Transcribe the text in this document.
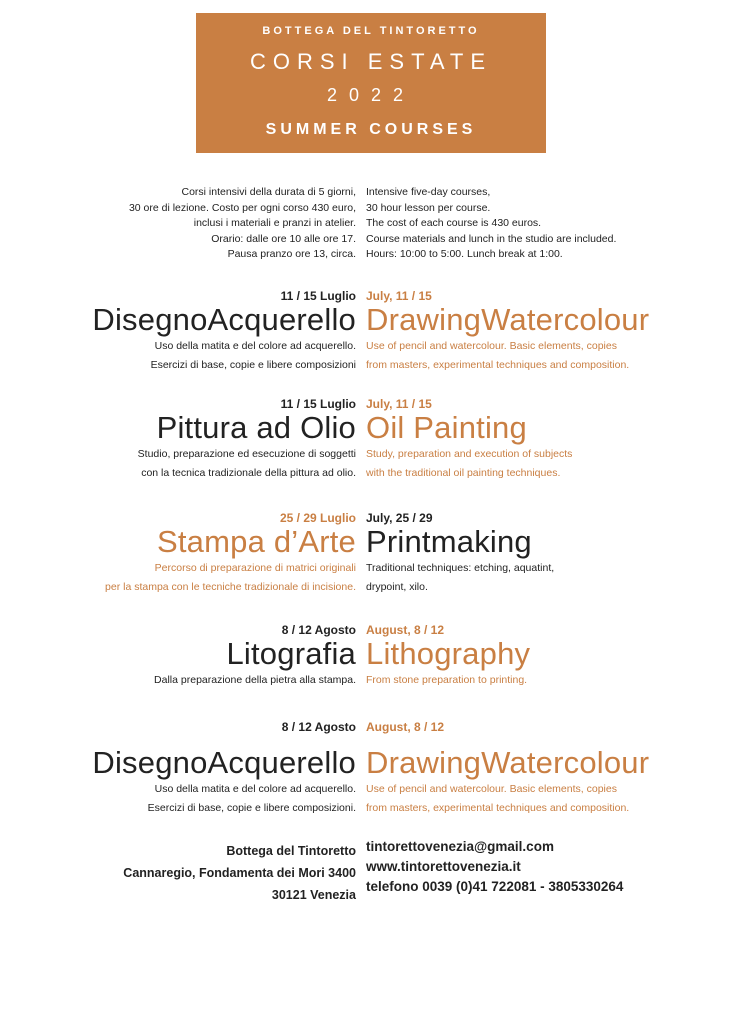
BOTTEGA DEL TINTORETTO
CORSI ESTATE
2022
SUMMER COURSES
Corsi intensivi della durata di 5 giorni,
30 ore di lezione. Costo per ogni corso 430 euro,
inclusi i materiali e pranzi in atelier.
Orario: dalle ore 10 alle ore 17.
Pausa pranzo ore 13, circa.
Intensive five-day courses,
30 hour lesson per course.
The cost of each course is 430 euros.
Course materials and lunch in the studio are included.
Hours: 10:00 to 5:00. Lunch break at 1:00.
11 / 15 Luglio
DisegnoAcquerello
Uso della matita e del colore ad acquerello.
Esercizi di base, copie e libere composizioni
July, 11 / 15
DrawingWatercolour
Use of pencil and watercolour. Basic elements, copies
from masters, experimental techniques and composition.
11 / 15 Luglio
Pittura ad Olio
Studio, preparazione ed esecuzione di soggetti
con la tecnica tradizionale della pittura ad olio.
July, 11 / 15
Oil Painting
Study, preparation and execution of subjects
with the traditional oil painting techniques.
25 / 29 Luglio
Stampa d’Arte
Percorso di preparazione di matrici originali
per la stampa con le tecniche tradizionale di incisione.
July, 25 / 29
Printmaking
Traditional techniques: etching, aquatint,
drypoint, xilo.
8 / 12 Agosto
Litografia
Dalla preparazione della pietra alla stampa.
August, 8 / 12
Lithography
From stone preparation to printing.
8 / 12 Agosto
DisegnoAcquerello
Uso della matita e del colore ad acquerello.
Esercizi di base, copie e libere composizioni.
August, 8 / 12
DrawingWatercolour
Use of pencil and watercolour. Basic elements, copies
from masters, experimental techniques and composition.
Bottega del Tintoretto
Cannaregio, Fondamenta dei Mori 3400
30121 Venezia
tintorettovenezia@gmail.com
www.tintorettovenezia.it
telefono 0039 (0)41 722081 - 3805330264
